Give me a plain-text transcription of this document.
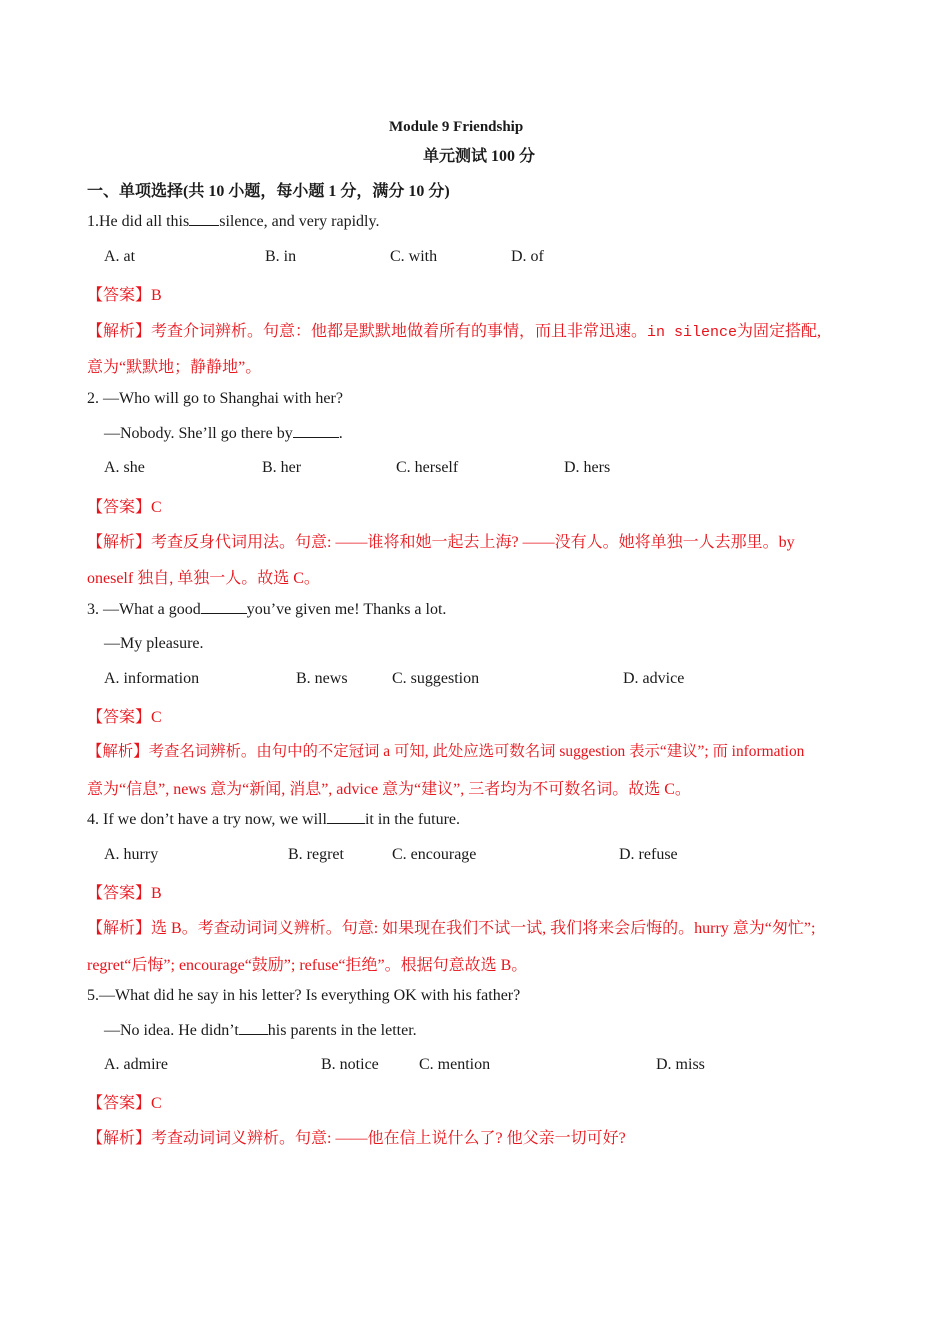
Module 9 Friendship
单元测试 100 分
一、单项选择(共 10 小题，每小题 1 分，满分 10 分)
1.He did all this silence, and very rapidly.
A. at	B. in	C. with	D. of
【答案】B
【解析】考查介词辨析。句意：他都是默默地做着所有的事情，而且非常迅速。in silence为固定搭配,
意为“默默地；静静地”。
2. —Who will go to Shanghai with her?
—Nobody. She’ll go there by	.
A. she	B. her	C. herself	D. hers
【答案】C
【解析】考查反身代词用法。句意: ——谁将和她一起去上海? ——没有人。她将单独一人去那里。by
oneself 独自, 单独一人。故选 C。
3. —What a good	you’ve given me! Thanks a lot.
—My pleasure.
A. information	B. news	C. suggestion	D. advice
【答案】C
【解析】考查名词辨析。由句中的不定冠词 a 可知, 此处应选可数名词 suggestion 表示“建议”; 而 information
意为“信息”, news 意为“新闻, 消息”, advice 意为“建议”, 三者均为不可数名词。故选 C。
4. If we don’t have a try now, we will it in the future.
A. hurry	B. regret	C. encourage	D. refuse
【答案】B
【解析】选 B。考查动词词义辨析。句意: 如果现在我们不试一试, 我们将来会后悔的。hurry 意为“匆忙”;
regret“后悔”; encourage“鼓励”; refuse“拒绝”。根据句意故选 B。
5.—What did he say in his letter? Is everything OK with his father?
—No idea. He didn’t his parents in the letter.
A. admire	B. notice	C. mention	D. miss
【答案】C
【解析】考查动词词义辨析。句意: ——他在信上说什么了? 他父亲一切可好?
